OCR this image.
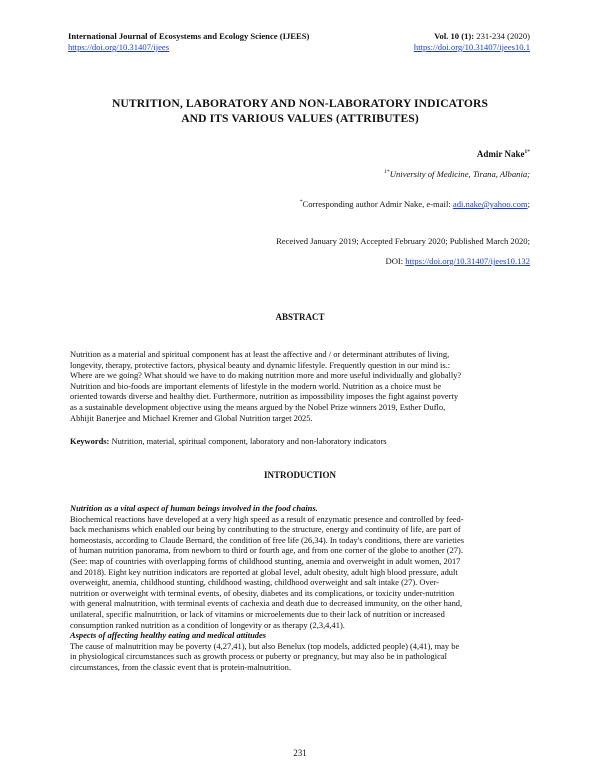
International Journal of Ecosystems and Ecology Science (IJEES)
https://doi.org/10.31407/ijees
Vol. 10 (1): 231-234 (2020)
https://doi.org/10.31407/ijees10.1
NUTRITION, LABORATORY AND NON-LABORATORY INDICATORS
AND ITS VARIOUS VALUES (ATTRIBUTES)
Admir Nake$^{1*}$
$^{1*}$University of Medicine, Tirana, Albania;
*Corresponding author Admir Nake, e-mail: adi.nake@yahoo.com;
Received January 2019; Accepted February 2020; Published March 2020;
DOI: https://doi.org/10.31407/ijees10.132
ABSTRACT
Nutrition as a material and spiritual component has at least the affective and / or determinant attributes of living,
longevity, therapy, protective factors, physical beauty and dynamic lifestyle. Frequently question in our mind is.:
Where are we going? What should we have to do making nutrition more and more useful individually and globally?
Nutrition and bio-foods are important elements of lifestyle in the modern world. Nutrition as a choice must be
oriented towards diverse and healthy diet. Furthermore, nutrition as impossibility imposes the fight against poverty
as a sustainable development objective using the means argued by the Nobel Prize winners 2019, Esther Duflo,
Abhijit Banerjee and Michael Kremer and Global Nutrition target 2025.
Keywords: Nutrition, material, spiritual component, laboratory and non-laboratory indicators
INTRODUCTION
Nutrition as a vital aspect of human beings involved in the food chains.
Biochemical reactions have developed at a very high speed as a result of enzymatic presence and controlled by feed-
back mechanisms which enabled our being by contributing to the structure, energy and continuity of life, are part of
homeostasis, according to Claude Bernard, the condition of free life (26,34). In today's conditions, there are varieties
of human nutrition panorama, from newborn to third or fourth age, and from one corner of the globe to another (27).
(See: map of countries with overlapping forms of childhood stunting, anemia and overweight in adult women, 2017
and 2018). Eight key nutrition indicators are reported at global level, adult obesity, adult high blood pressure, adult
overweight, anemia, childhood stunting, childhood wasting, childhood overweight and salt intake (27). Over-
nutrition or overweight with terminal events, of obesity, diabetes and its complications, or toxicity under-nutrition
with general malnutrition, with terminal events of cachexia and death due to decreased immunity, on the other hand,
unilateral, specific malnutrition, or lack of vitamins or microelements due to their lack of nutrition or increased
consumption ranked nutrition as a condition of longevity or as therapy (2,3,4,41).
Aspects of affecting healthy eating and medical attitudes
The cause of malnutrition may be poverty (4,27,41), but also Benelux (top models, addicted people) (4,41), may be
in physiological circumstances such as growth process or puberty or pregnancy, but may also be in pathological
circumstances, from the classic event that is protein-malnutrition.
231
